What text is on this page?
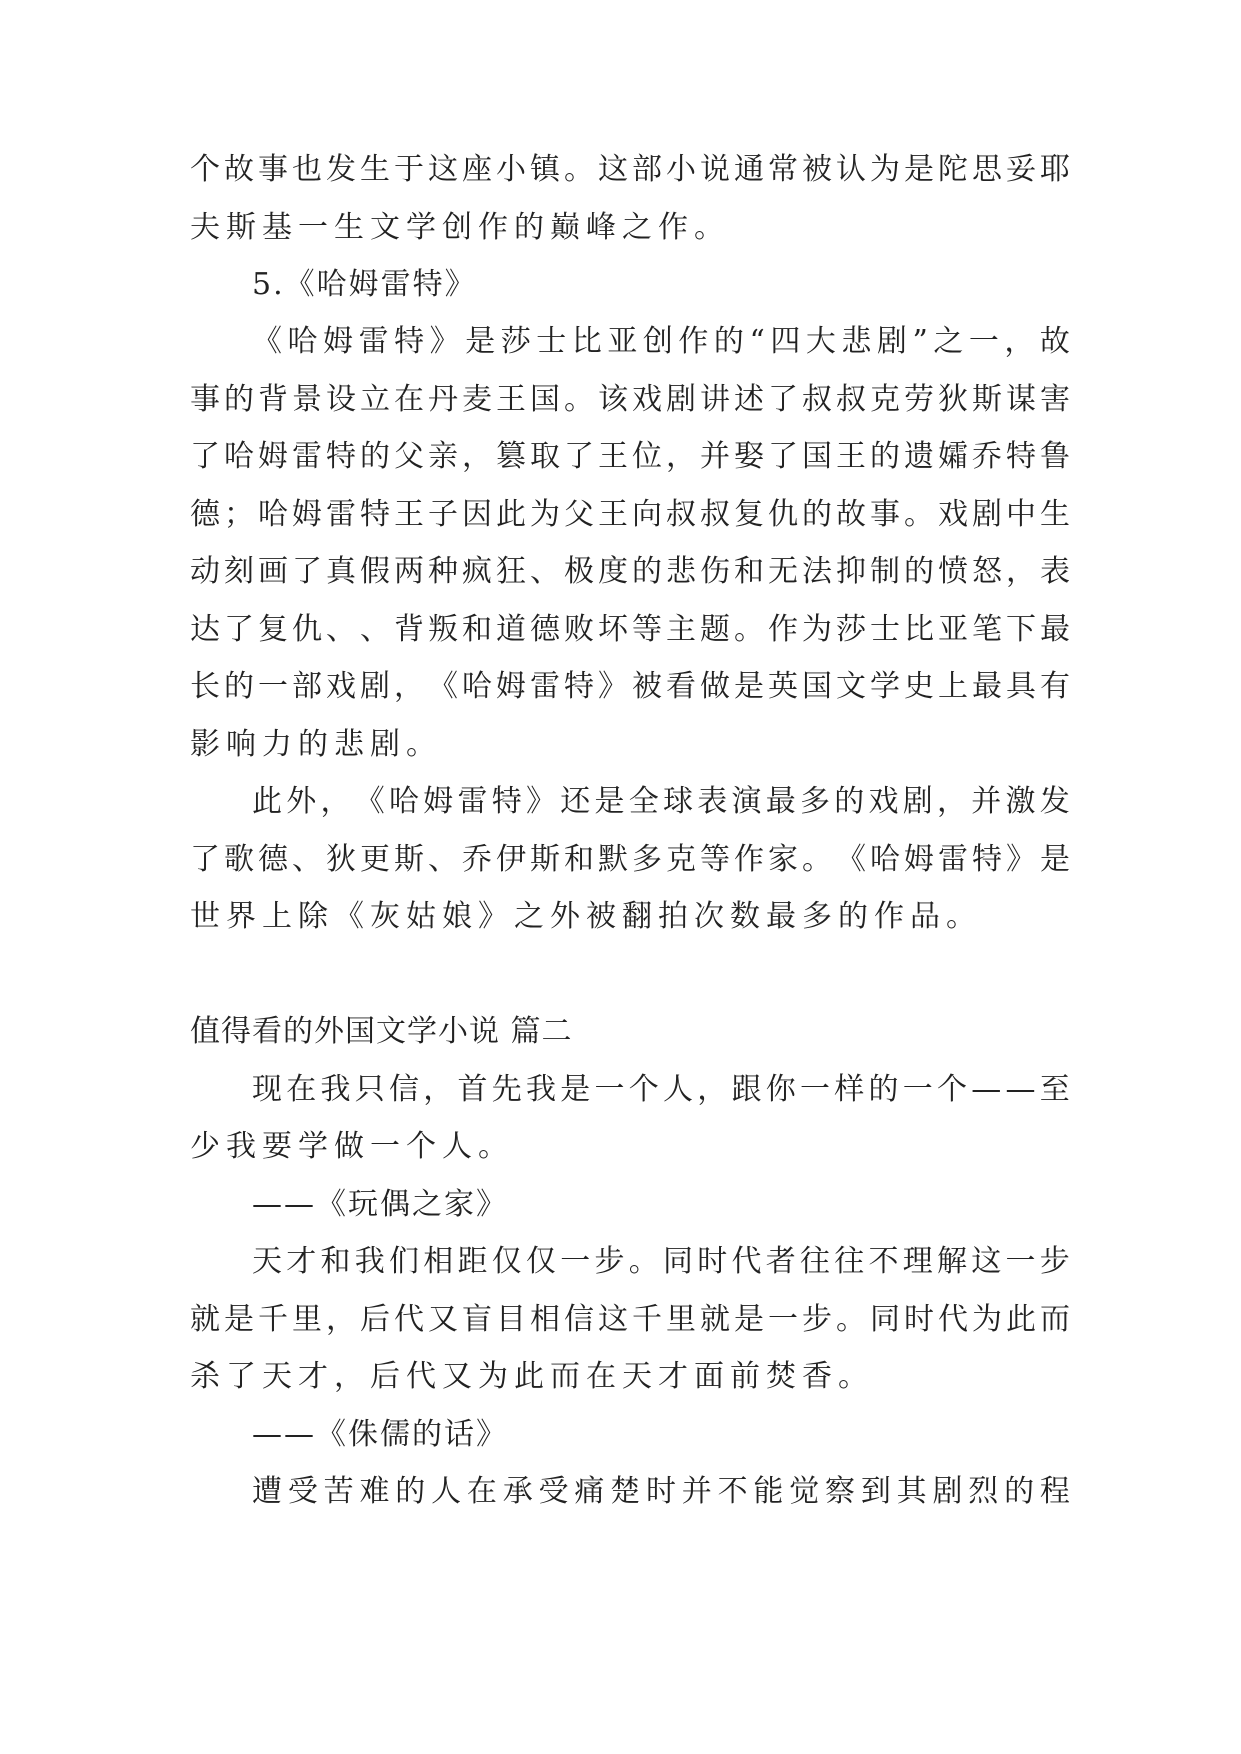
个 故 事 也 发 生 于 这 座 小 镇 。 这 部 小 说 通 常 被 认 为 是 陀 思 妥 耶
夫斯基一生文学创作的巅峰之作。
5.《哈姆雷特》
《 哈 姆 雷 特 》 是 莎 士 比 亚 创 作 的 “ 四 大 悲 剧 ” 之 一 ， 故
事 的 背 景 设 立 在 丹 麦 王 国 。 该 戏 剧 讲 述 了 叔 叔 克 劳 狄 斯 谋 害
了 哈 姆 雷 特 的 父 亲 ， 篡 取 了 王 位 ， 并 娶 了 国 王 的 遗 孀 乔 特 鲁
德 ； 哈 姆 雷 特 王 子 因 此 为 父 王 向 叔 叔 复 仇 的 故 事 。 戏 剧 中 生
动 刻 画 了 真 假 两 种 疯 狂 、 极 度 的 悲 伤 和 无 法 抑 制 的 愤 怒 ， 表
达 了 复 仇 、 、 背 叛 和 道 德 败 坏 等 主 题 。 作 为 莎 士 比 亚 笔 下 最
长 的 一 部 戏 剧 ， 《 哈 姆 雷 特 》 被 看 做 是 英 国 文 学 史 上 最 具 有
影响力的悲剧。
此 外 ， 《 哈 姆 雷 特 》 还 是 全 球 表 演 最 多 的 戏 剧 ， 并 激 发
了 歌 德 、 狄 更 斯 、 乔 伊 斯 和 默 多 克 等 作 家 。 《 哈 姆 雷 特 》 是
世界上除《灰姑娘》之外被翻拍次数最多的作品。
值得看的外国文学小说 篇二
现 在 我 只 信 ， 首 先 我 是 一 个 人 ， 跟 你 一 样 的 一 个 — — 至
少我要学做一个人。
——《玩偶之家》
天 才 和 我 们 相 距 仅 仅 一 步 。 同 时 代 者 往 往 不 理 解 这 一 步
就 是 千 里 ， 后 代 又 盲 目 相 信 这 千 里 就 是 一 步 。 同 时 代 为 此 而
杀了天才，后代又为此而在天才面前焚香。
——《侏儒的话》
遭 受 苦 难 的 人 在 承 受 痛 楚 时 并 不 能 觉 察 到 其 剧 烈 的 程
